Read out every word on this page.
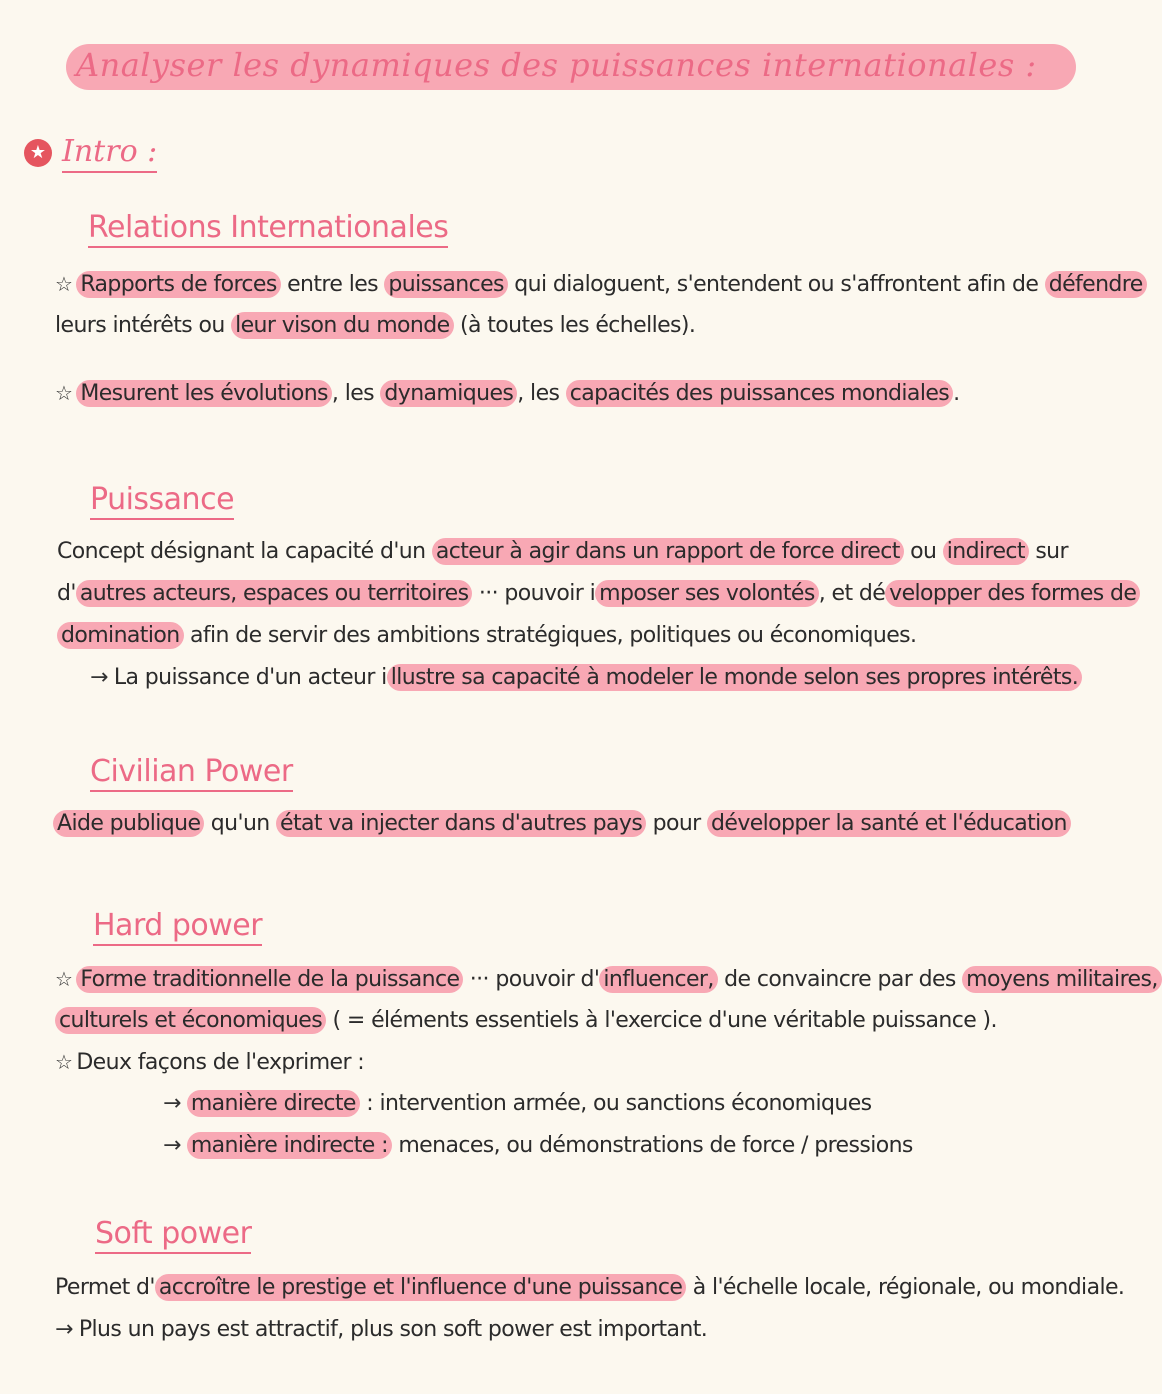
Analyser les dynamiques des puissances internationales :
★ Intro :
Relations Internationales
☆ Rapports de forces entre les puissances qui dialoguent, s'entendent ou s'affrontent afin de défendre
leurs intérêts ou leur vison du monde (à toutes les échelles).
☆ Mesurent les évolutions , les dynamiques , les capacités des puissances mondiales .
Puissance
Concept désignant la capacité d'un acteur à agir dans un rapport de force direct ou indirect sur
d' autres acteurs, espaces ou territoires ··· pouvoir i mposer ses volontés , et dé velopper des formes de
domination afin de servir des ambitions stratégiques, politiques ou économiques.
→ La puissance d'un acteur i llustre sa capacité à modeler le monde selon ses propres intérêts.
Civilian Power
Aide publique qu'un état va injecter dans d'autres pays pour développer la santé et l'éducation
Hard power
☆ Forme traditionnelle de la puissance ··· pouvoir d' influencer, de convaincre par des moyens militaires,
culturels et économiques ( = éléments essentiels à l'exercice d'une véritable puissance ).
☆ Deux façons de l'exprimer :
→ manière directe : intervention armée, ou sanctions économiques
→ manière indirecte : menaces, ou démonstrations de force / pressions
Soft power
Permet d' accroître le prestige et l'influence d'une puissance à l'échelle locale, régionale, ou mondiale.
→ Plus un pays est attractif, plus son soft power est important.
